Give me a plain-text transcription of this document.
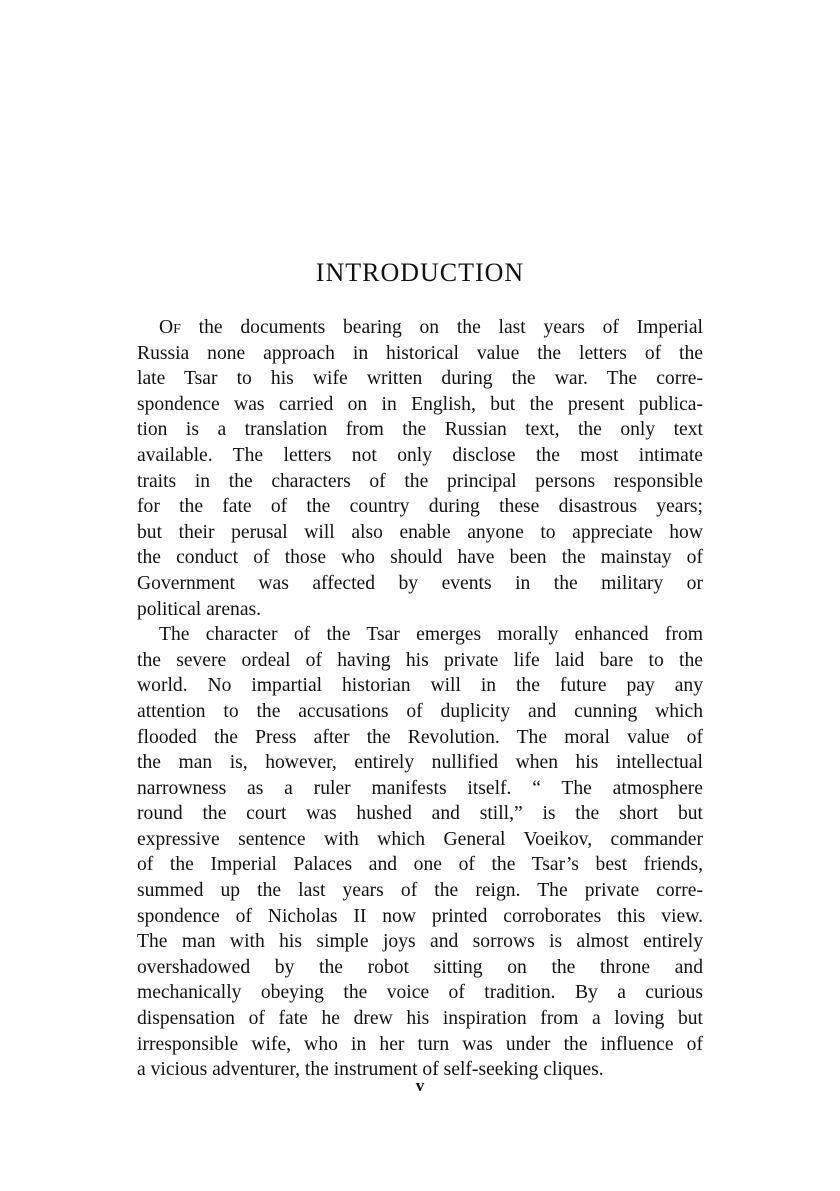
INTRODUCTION
Of the documents bearing on the last years of Imperial
Russia none approach in historical value the letters of the
late Tsar to his wife written during the war. The corre-
spondence was carried on in English, but the present publica-
tion is a translation from the Russian text, the only text
available. The letters not only disclose the most intimate
traits in the characters of the principal persons responsible
for the fate of the country during these disastrous years;
but their perusal will also enable anyone to appreciate how
the conduct of those who should have been the mainstay of
Government was affected by events in the military or
political arenas.
The character of the Tsar emerges morally enhanced from
the severe ordeal of having his private life laid bare to the
world. No impartial historian will in the future pay any
attention to the accusations of duplicity and cunning which
flooded the Press after the Revolution. The moral value of
the man is, however, entirely nullified when his intellectual
narrowness as a ruler manifests itself. “ The atmosphere
round the court was hushed and still,” is the short but
expressive sentence with which General Voeikov, commander
of the Imperial Palaces and one of the Tsar’s best friends,
summed up the last years of the reign. The private corre-
spondence of Nicholas II now printed corroborates this view.
The man with his simple joys and sorrows is almost entirely
overshadowed by the robot sitting on the throne and
mechanically obeying the voice of tradition. By a curious
dispensation of fate he drew his inspiration from a loving but
irresponsible wife, who in her turn was under the influence of
a vicious adventurer, the instrument of self-seeking cliques.
v
